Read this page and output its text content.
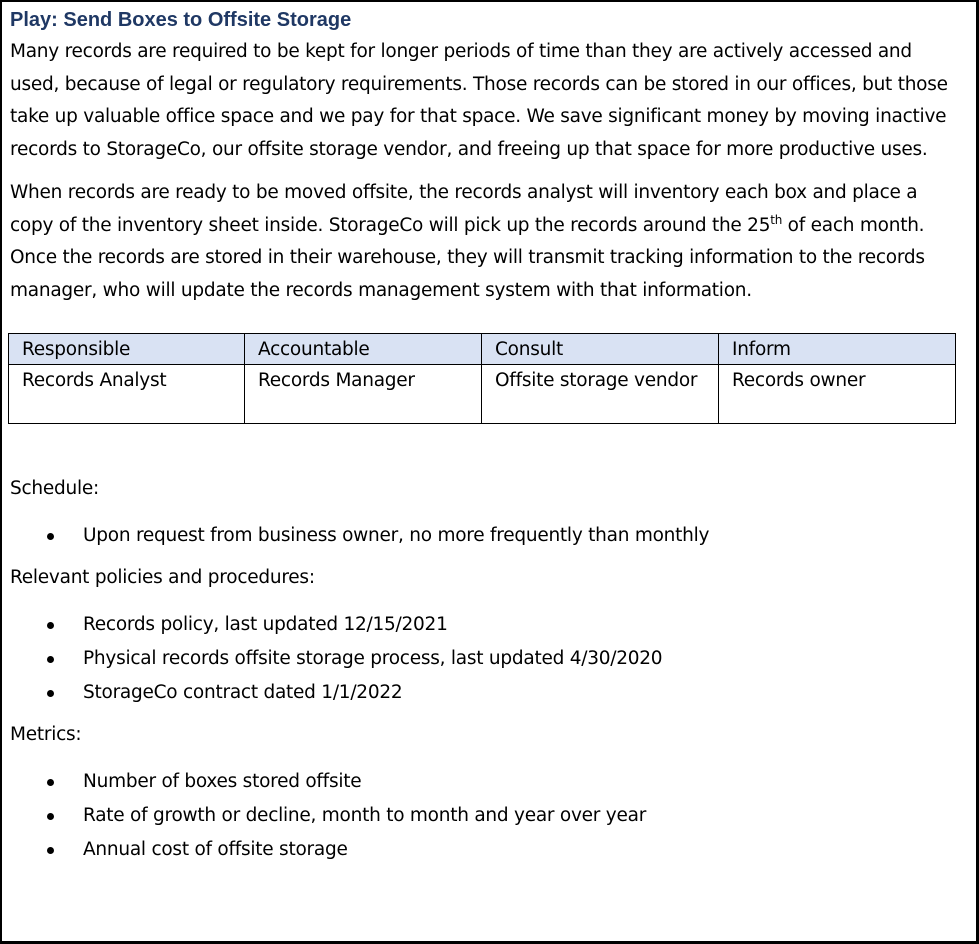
Play: Send Boxes to Offsite Storage

Many records are required to be kept for longer periods of time than they are actively accessed and used, because of legal or regulatory requirements. Those records can be stored in our offices, but those take up valuable office space and we pay for that space. We save significant money by moving inactive records to StorageCo, our offsite storage vendor, and freeing up that space for more productive uses.

When records are ready to be moved offsite, the records analyst will inventory each box and place a copy of the inventory sheet inside. StorageCo will pick up the records around the 25th of each month. Once the records are stored in their warehouse, they will transmit tracking information to the records manager, who will update the records management system with that information.

Responsible	Accountable	Consult	Inform
Records Analyst	Records Manager	Offsite storage vendor	Records owner

Schedule:

Upon request from business owner, no more frequently than monthly

Relevant policies and procedures:

Records policy, last updated 12/15/2021
Physical records offsite storage process, last updated 4/30/2020
StorageCo contract dated 1/1/2022

Metrics:

Number of boxes stored offsite
Rate of growth or decline, month to month and year over year
Annual cost of offsite storage
